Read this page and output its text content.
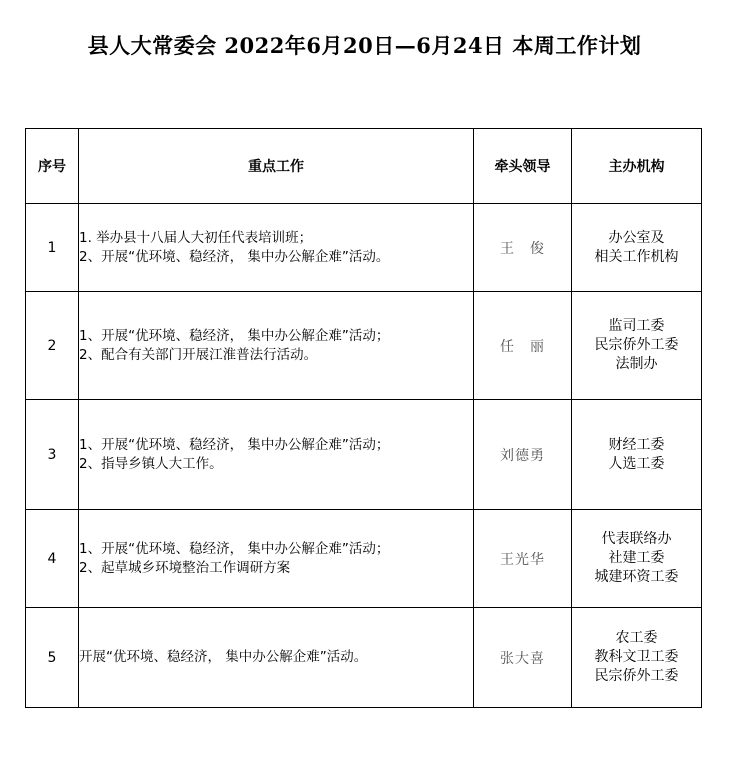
县人大常委会 2022年6月20日—6月24日 本周工作计划
序号	重点工作	牵头领导	主办机构
1	1. 举办县十八届人大初任代表培训班；
2、开展“优环境、稳经济， 集中办公解企难”活动。	王　俊	办公室及
相关工作机构

2	1、开展“优环境、稳经济， 集中办公解企难”活动；
2、配合有关部门开展江淮普法行活动。	任　丽	监司工委
民宗侨外工委
法制办

3	1、开展“优环境、稳经济， 集中办公解企难”活动；
2、指导乡镇人大工作。	刘德勇	财经工委
人选工委

4	1、开展“优环境、稳经济， 集中办公解企难”活动；
2、起草城乡环境整治工作调研方案	王光华	代表联络办
社建工委
城建环资工委

5	开展“优环境、稳经济， 集中办公解企难”活动。	张大喜	农工委
教科文卫工委
民宗侨外工委
